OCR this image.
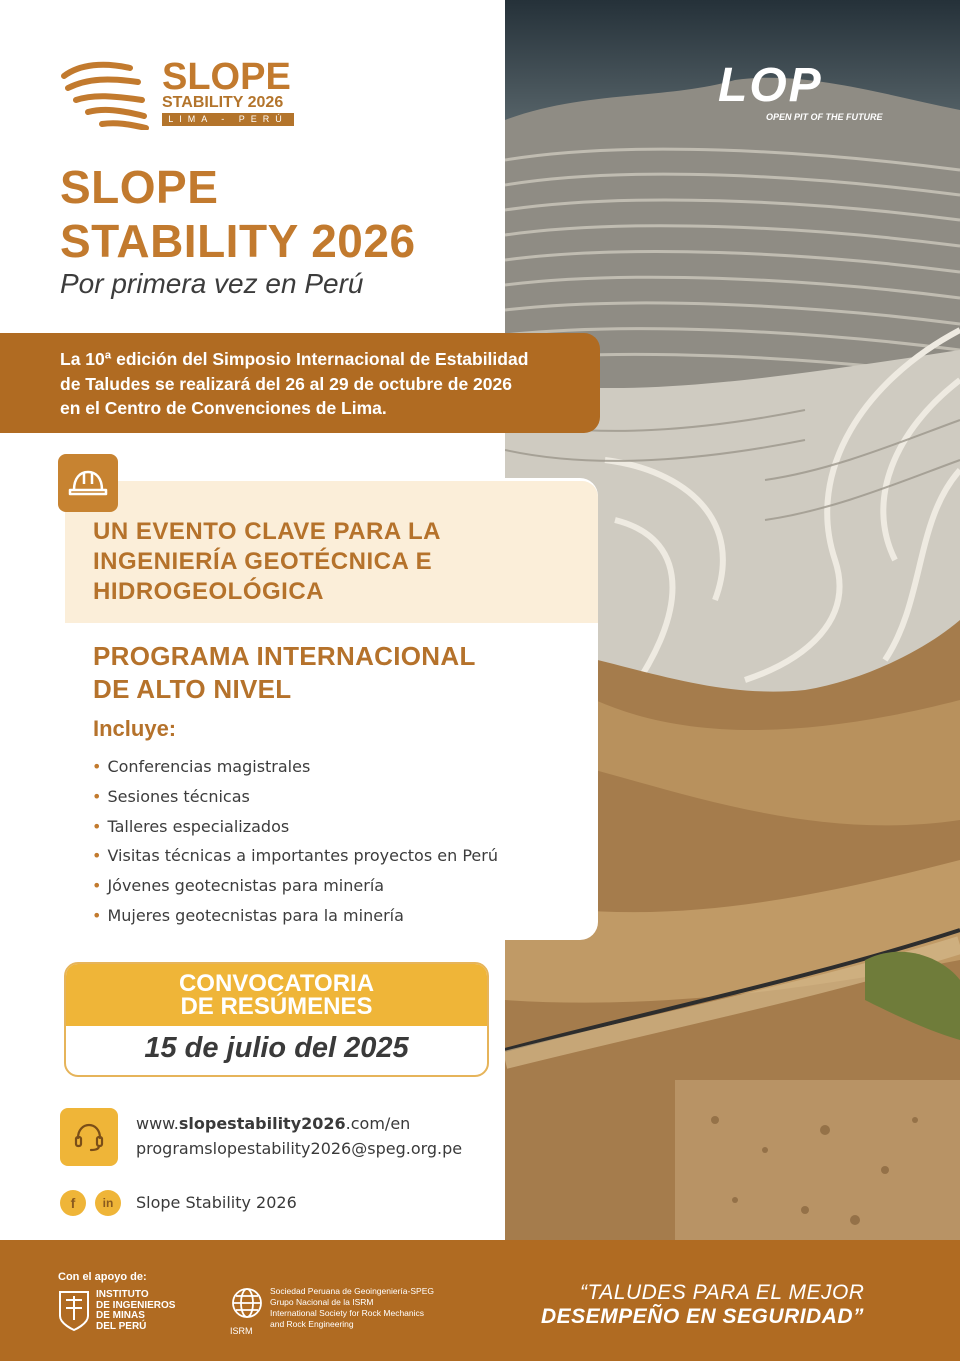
LOP
OPEN PIT OF THE FUTURE
SLOPE
STABILITY 2026
LIMA - PERÚ
SLOPE
STABILITY 2026
Por primera vez en Perú
La 10ª edición del Simposio Internacional de Estabilidad
de Taludes se realizará del 26 al 29 de octubre de 2026
en el Centro de Convenciones de Lima.
UN EVENTO CLAVE PARA LA
INGENIERÍA GEOTÉCNICA E
HIDROGEOLÓGICA
PROGRAMA INTERNACIONAL
DE ALTO NIVEL
Incluye:
• Conferencias magistrales
• Sesiones técnicas
• Talleres especializados
• Visitas técnicas a importantes proyectos en Perú
• Jóvenes geotecnistas para minería
• Mujeres geotecnistas para la minería
CONVOCATORIA
DE RESÚMENES
15 de julio del 2025
www.slopestability2026.com/en
programslopestability2026@speg.org.pe
f	in	Slope Stability 2026
Con el apoyo de:
INSTITUTO
DE INGENIEROS
DE MINAS
DEL PERÚ
Sociedad Peruana de Geoingeniería-SPEG
Grupo Nacional de la ISRM
International Society for Rock Mechanics
and Rock Engineering
ISRM
“TALUDES PARA EL MEJOR
DESEMPEÑO EN SEGURIDAD”
